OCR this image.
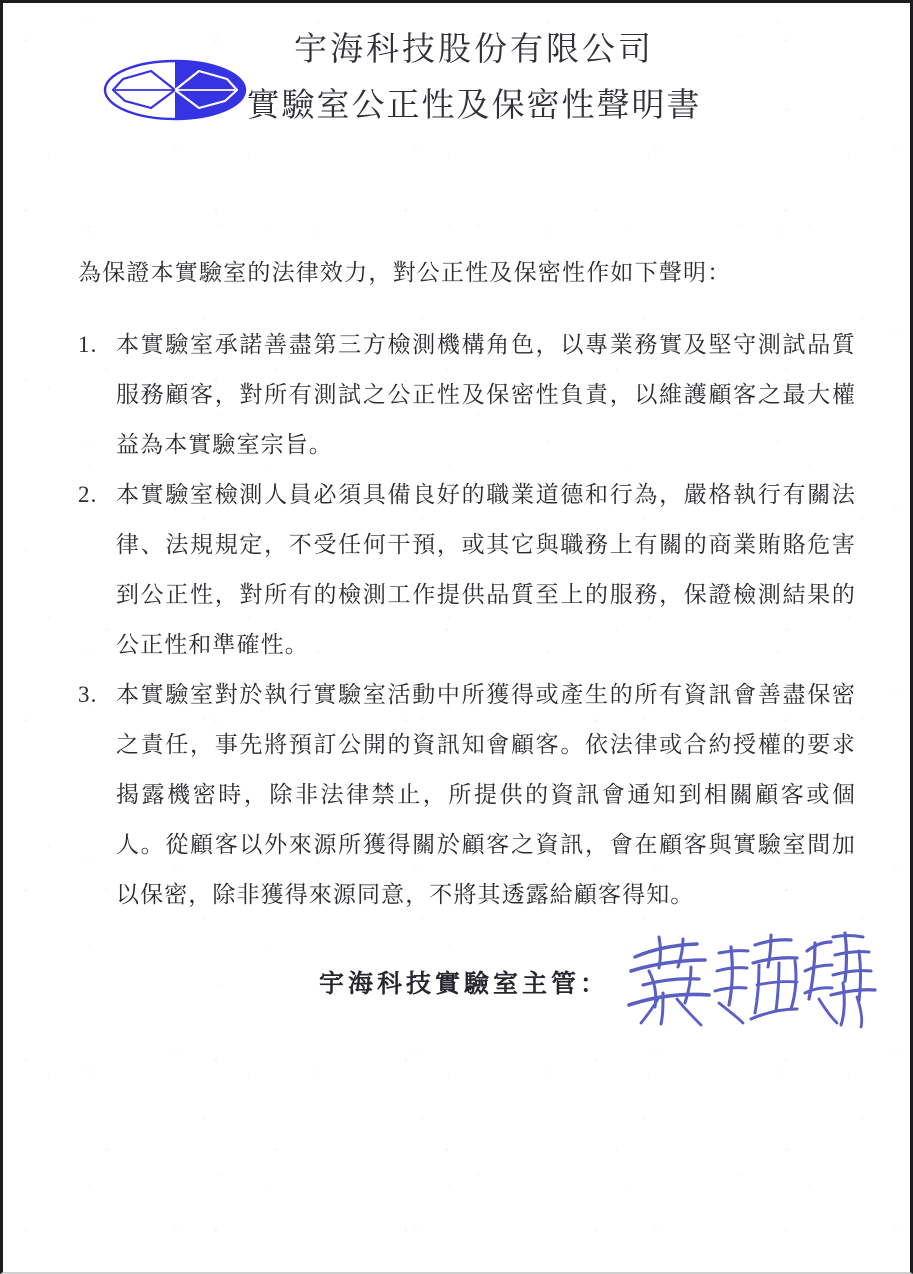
宇海科技股份有限公司
實驗室公正性及保密性聲明書

為保證本實驗室的法律效力，對公正性及保密性作如下聲明：

1. 本實驗室承諾善盡第三方檢測機構角色，以專業務實及堅守測試品質服務顧客，對所有測試之公正性及保密性負責，以維護顧客之最大權益為本實驗室宗旨。
2. 本實驗室檢測人員必須具備良好的職業道德和行為，嚴格執行有關法律、法規規定，不受任何干預，或其它與職務上有關的商業賄賂危害到公正性，對所有的檢測工作提供品質至上的服務，保證檢測結果的公正性和準確性。
3. 本實驗室對於執行實驗室活動中所獲得或產生的所有資訊會善盡保密之責任，事先將預訂公開的資訊知會顧客。依法律或合約授權的要求揭露機密時，除非法律禁止，所提供的資訊會通知到相關顧客或個人。從顧客以外來源所獲得關於顧客之資訊，會在顧客與實驗室間加以保密，除非獲得來源同意，不將其透露給顧客得知。
宇海科技實驗室主管：
